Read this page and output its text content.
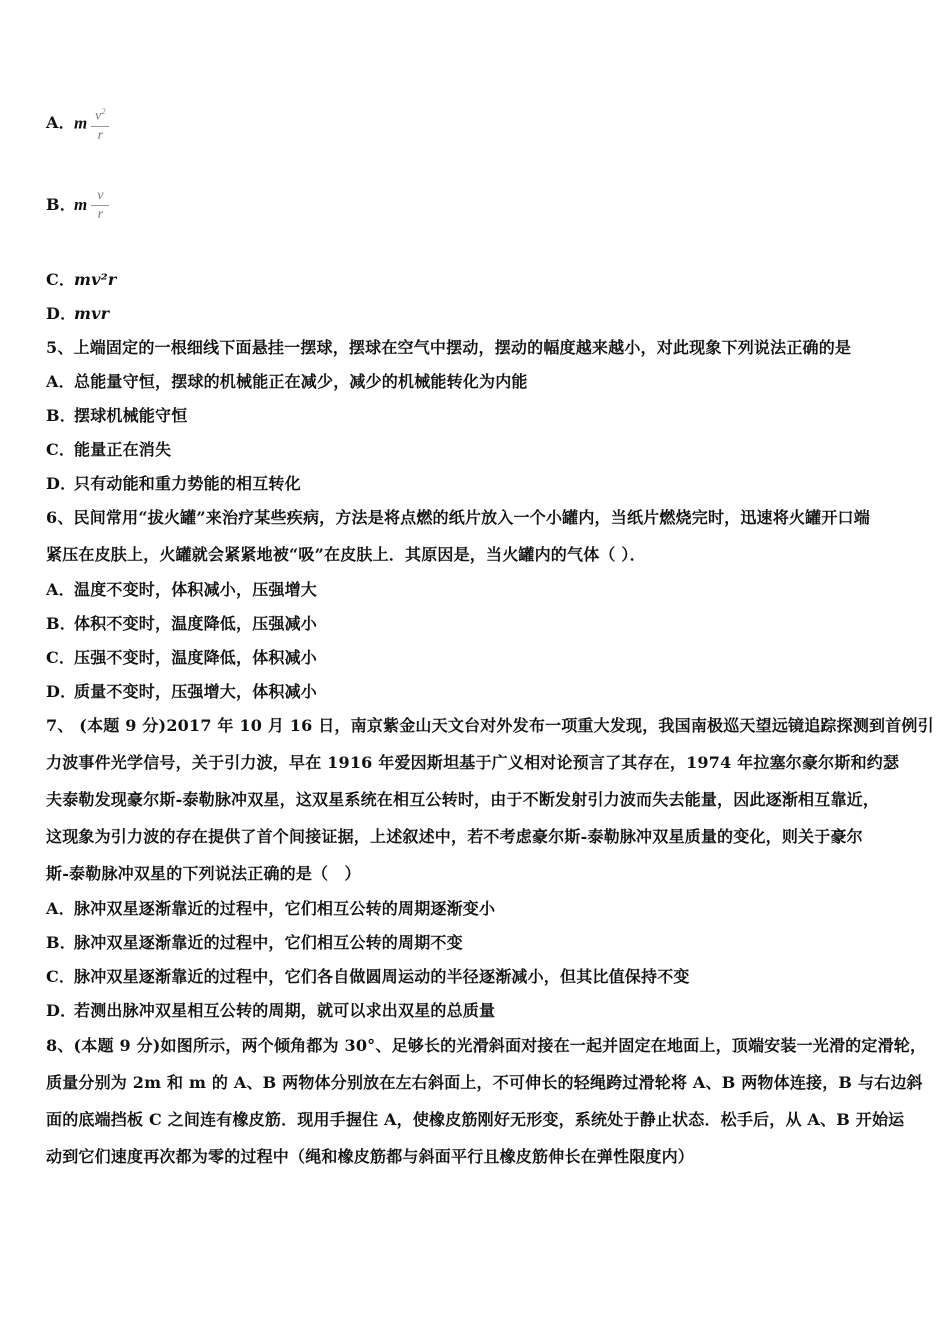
A．m $\frac{v^2}{r}$
B．m $\frac{v}{r}$
C．mv²r
D．mvr
5、上端固定的一根细线下面悬挂一摆球，摆球在空气中摆动，摆动的幅度越来越小，对此现象下列说法正确的是
A．总能量守恒，摆球的机械能正在减少，减少的机械能转化为内能
B．摆球机械能守恒
C．能量正在消失
D．只有动能和重力势能的相互转化
6、民间常用“拔火罐”来治疗某些疾病，方法是将点燃的纸片放入一个小罐内，当纸片燃烧完时，迅速将火罐开口端
紧压在皮肤上，火罐就会紧紧地被“吸”在皮肤上．其原因是，当火罐内的气体（ ）．
A．温度不变时，体积减小，压强增大
B．体积不变时，温度降低，压强减小
C．压强不变时，温度降低，体积减小
D．质量不变时，压强增大，体积减小
7、 (本题 9 分)2017 年 10 月 16 日，南京紫金山天文台对外发布一项重大发现，我国南极巡天望远镜追踪探测到首例引
力波事件光学信号，关于引力波，早在 1916 年爱因斯坦基于广义相对论预言了其存在，1974 年拉塞尔豪尔斯和约瑟
夫泰勒发现豪尔斯-泰勒脉冲双星，这双星系统在相互公转时，由于不断发射引力波而失去能量，因此逐渐相互靠近，
这现象为引力波的存在提供了首个间接证据，上述叙述中，若不考虑豪尔斯-泰勒脉冲双星质量的变化，则关于豪尔
斯-泰勒脉冲双星的下列说法正确的是（　）
A．脉冲双星逐渐靠近的过程中，它们相互公转的周期逐渐变小
B．脉冲双星逐渐靠近的过程中，它们相互公转的周期不变
C．脉冲双星逐渐靠近的过程中，它们各自做圆周运动的半径逐渐减小，但其比值保持不变
D．若测出脉冲双星相互公转的周期，就可以求出双星的总质量
8、(本题 9 分)如图所示，两个倾角都为 30°、足够长的光滑斜面对接在一起并固定在地面上，顶端安装一光滑的定滑轮，
质量分别为 2m 和 m 的 A、B 两物体分别放在左右斜面上，不可伸长的轻绳跨过滑轮将 A、B 两物体连接，B 与右边斜
面的底端挡板 C 之间连有橡皮筋．现用手握住 A，使橡皮筋刚好无形变，系统处于静止状态．松手后，从 A、B 开始运
动到它们速度再次都为零的过程中（绳和橡皮筋都与斜面平行且橡皮筋伸长在弹性限度内）
